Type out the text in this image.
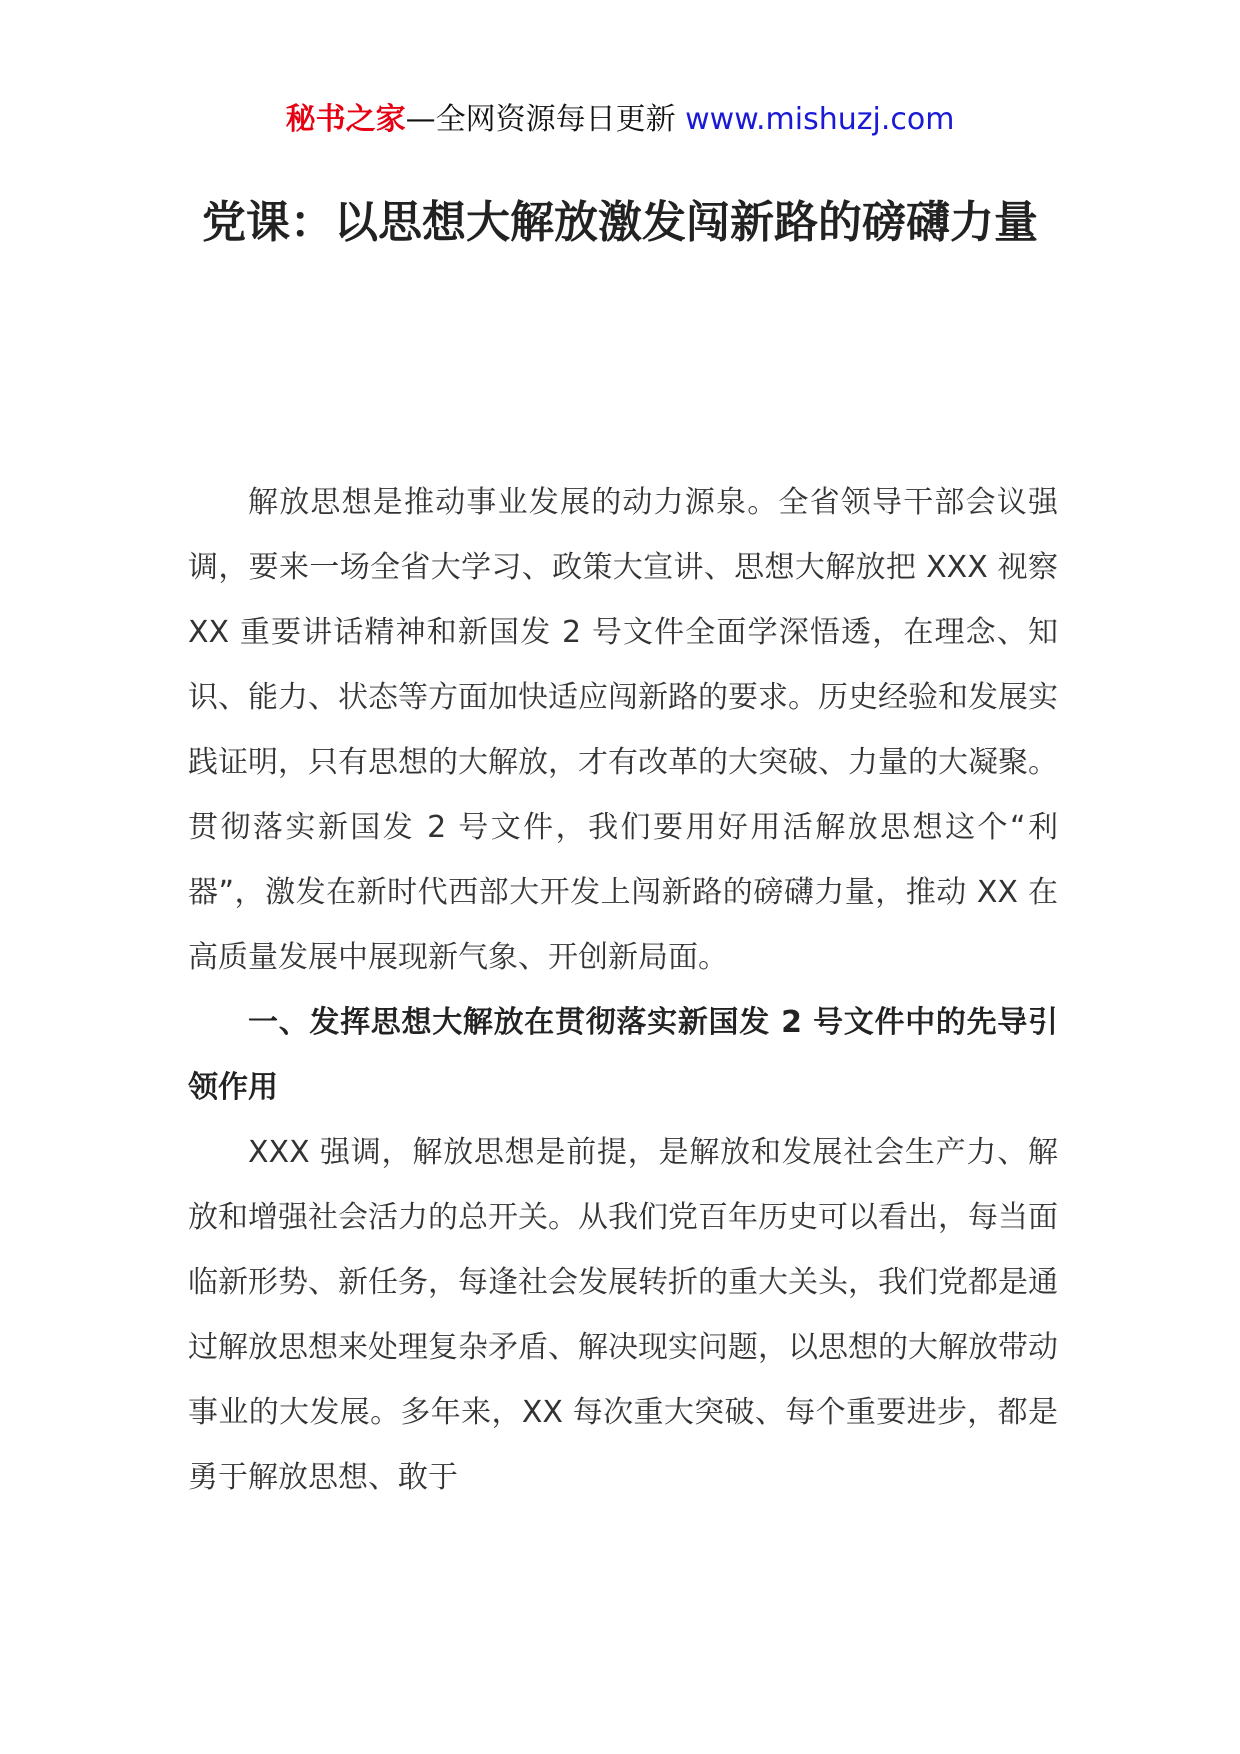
秘书之家—全网资源每日更新 www.mishuzj.com
党课：以思想大解放激发闯新路的磅礴力量

解放思想是推动事业发展的动力源泉。全省领导干部会议强调，要来一场全省大学习、政策大宣讲、思想大解放把 XXX 视察 XX 重要讲话精神和新国发 2 号文件全面学深悟透，在理念、知识、能力、状态等方面加快适应闯新路的要求。历史经验和发展实践证明，只有思想的大解放，才有改革的大突破、力量的大凝聚。贯彻落实新国发 2 号文件，我们要用好用活解放思想这个“利器”，激发在新时代西部大开发上闯新路的磅礴力量，推动 XX 在高质量发展中展现新气象、开创新局面。

一、发挥思想大解放在贯彻落实新国发 2 号文件中的先导引领作用

XXX 强调，解放思想是前提，是解放和发展社会生产力、解放和增强社会活力的总开关。从我们党百年历史可以看出，每当面临新形势、新任务，每逢社会发展转折的重大关头，我们党都是通过解放思想来处理复杂矛盾、解决现实问题，以思想的大解放带动事业的大发展。多年来，XX 每次重大突破、每个重要进步，都是勇于解放思想、敢于
